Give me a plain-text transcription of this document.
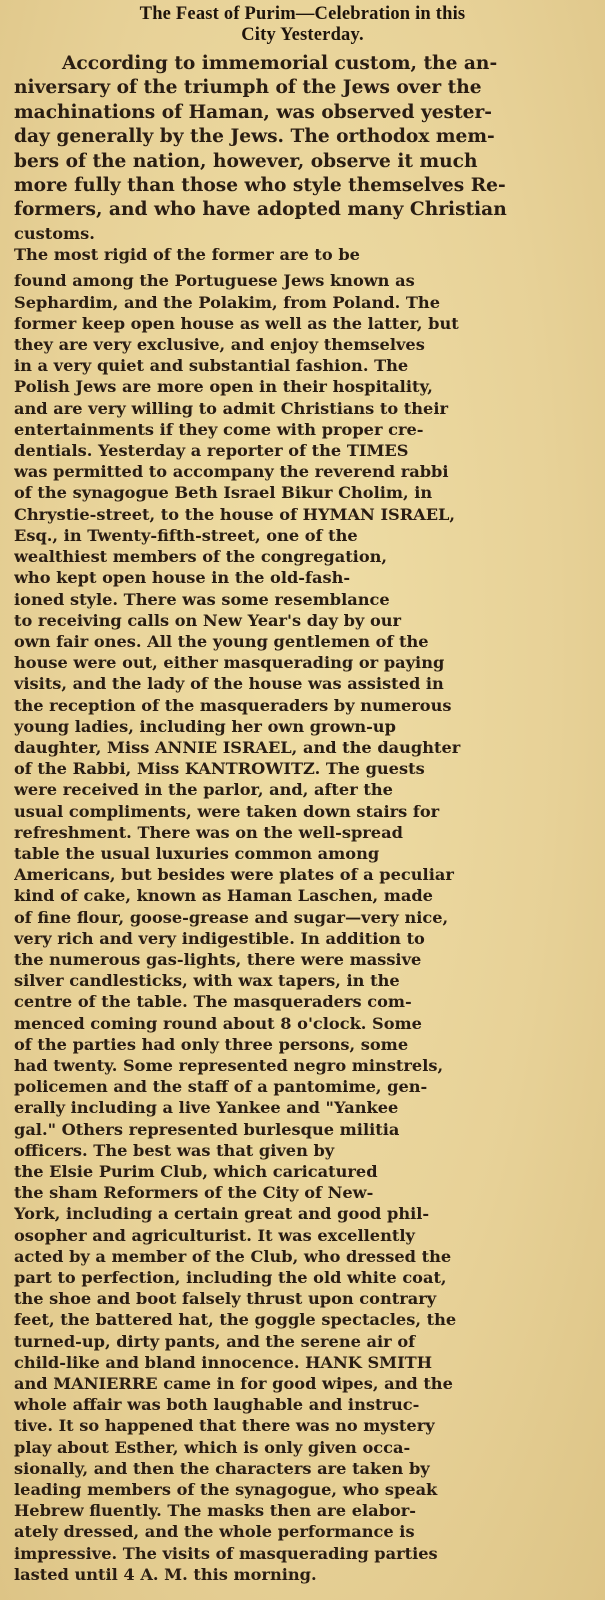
The Feast of Purim—Celebration in this
City Yesterday.
According to immemorial custom, the an-
niversary of the triumph of the Jews over the
machinations of Haman, was observed yester-
day generally by the Jews. The orthodox mem-
bers of the nation, however, observe it much
more fully than those who style themselves Re-
formers, and who have adopted many Christian
customs.
The most rigid of the former are to be
found among the Portuguese Jews known as
Sephardim, and the Polakim, from Poland. The
former keep open house as well as the latter, but
they are very exclusive, and enjoy themselves
in a very quiet and substantial fashion. The
Polish Jews are more open in their hospitality,
and are very willing to admit Christians to their
entertainments if they come with proper cre-
dentials. Yesterday a reporter of the TIMES
was permitted to accompany the reverend rabbi
of the synagogue Beth Israel Bikur Cholim, in
Chrystie-street, to the house of HYMAN ISRAEL,
Esq., in Twenty-fifth-street, one of the
wealthiest members of the congregation,
who kept open house in the old-fash-
ioned style. There was some resemblance
to receiving calls on New Year's day by our
own fair ones. All the young gentlemen of the
house were out, either masquerading or paying
visits, and the lady of the house was assisted in
the reception of the masqueraders by numerous
young ladies, including her own grown-up
daughter, Miss ANNIE ISRAEL, and the daughter
of the Rabbi, Miss KANTROWITZ. The guests
were received in the parlor, and, after the
usual compliments, were taken down stairs for
refreshment. There was on the well-spread
table the usual luxuries common among
Americans, but besides were plates of a peculiar
kind of cake, known as Haman Laschen, made
of fine flour, goose-grease and sugar—very nice,
very rich and very indigestible. In addition to
the numerous gas-lights, there were massive
silver candlesticks, with wax tapers, in the
centre of the table. The masqueraders com-
menced coming round about 8 o'clock. Some
of the parties had only three persons, some
had twenty. Some represented negro minstrels,
policemen and the staff of a pantomime, gen-
erally including a live Yankee and "Yankee
gal." Others represented burlesque militia
officers. The best was that given by
the Elsie Purim Club, which caricatured
the sham Reformers of the City of New-
York, including a certain great and good phil-
osopher and agriculturist. It was excellently
acted by a member of the Club, who dressed the
part to perfection, including the old white coat,
the shoe and boot falsely thrust upon contrary
feet, the battered hat, the goggle spectacles, the
turned-up, dirty pants, and the serene air of
child-like and bland innocence. HANK SMITH
and MANIERRE came in for good wipes, and the
whole affair was both laughable and instruc-
tive. It so happened that there was no mystery
play about Esther, which is only given occa-
sionally, and then the characters are taken by
leading members of the synagogue, who speak
Hebrew fluently. The masks then are elabor-
ately dressed, and the whole performance is
impressive. The visits of masquerading parties
lasted until 4 A. M. this morning.
